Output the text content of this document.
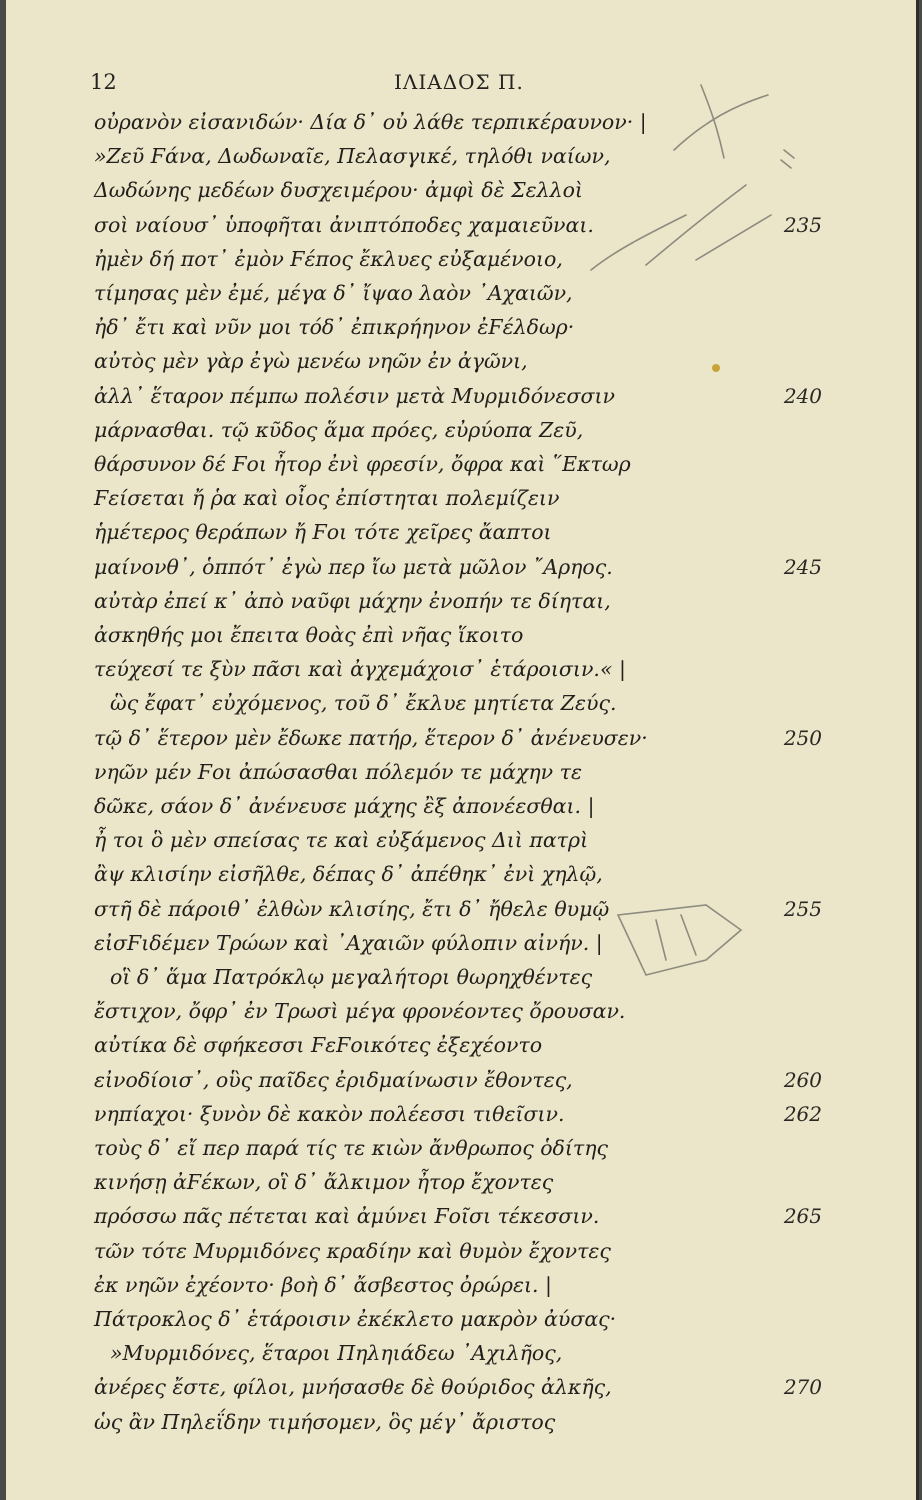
12	ΙΛΙΑΔΟΣ Π.
οὐρανὸν εἰσανιδών· Δία δ᾽ οὐ λάθε τερπικέραυνον· |
»Ζεῦ Ϝάνα, Δωδωναῖε, Πελασγικέ, τηλόθι ναίων,
Δωδώνης μεδέων δυσχειμέρου· ἀμφὶ δὲ Σελλοὶ
σοὶ ναίουσ᾽ ὑποφῆται ἀνιπτόποδες χαμαιεῦναι.	235
ἠμὲν δή ποτ᾽ ἐμὸν Ϝέπος ἔκλυες εὐξαμένοιο,
τίμησας μὲν ἐμέ, μέγα δ᾽ ἴψαο λαὸν ᾽Αχαιῶν,
ἠδ᾽ ἔτι καὶ νῦν μοι τόδ᾽ ἐπικρήηνον ἐϜέλδωρ·
αὐτὸς μὲν γὰρ ἐγὼ μενέω νηῶν ἐν ἀγῶνι,
ἀλλ᾽ ἕταρον πέμπω πολέσιν μετὰ Μυρμιδόνεσσιν	240
μάρνασθαι. τῷ κῦδος ἅμα πρόες, εὐρύοπα Ζεῦ,
θάρσυνον δέ Ϝοι ἦτορ ἐνὶ φρεσίν, ὄφρα καὶ ῞Εκτωρ
Ϝείσεται ἤ ῥα καὶ οἶος ἐπίστηται πολεμίζειν
ἡμέτερος θεράπων ἤ Ϝοι τότε χεῖρες ἄαπτοι
μαίνονθ᾽, ὁππότ᾽ ἐγὼ περ ἴω μετὰ μῶλον ῎Αρηος.	245
αὐτὰρ ἐπεί κ᾽ ἀπὸ ναῦφι μάχην ἐνοπήν τε δίηται,
ἀσκηθής μοι ἔπειτα θοὰς ἐπὶ νῆας ἵκοιτο
τεύχεσί τε ξὺν πᾶσι καὶ ἀγχεμάχοισ᾽ ἑτάροισιν.« |
ὣς ἔφατ᾽ εὐχόμενος, τοῦ δ᾽ ἔκλυε μητίετα Ζεύς.
τῷ δ᾽ ἕτερον μὲν ἔδωκε πατήρ, ἕτερον δ᾽ ἀνένευσεν·	250
νηῶν μέν Ϝοι ἀπώσασθαι πόλεμόν τε μάχην τε
δῶκε, σάον δ᾽ ἀνένευσε μάχης ἒξ ἀπονέεσθαι. |
ἦ τοι ὃ μὲν σπείσας τε καὶ εὐξάμενος Διὶ πατρὶ
ἂψ κλισίην εἰσῆλθε, δέπας δ᾽ ἀπέθηκ᾽ ἐνὶ χηλῷ,
στῆ δὲ πάροιθ᾽ ἐλθὼν κλισίης, ἔτι δ᾽ ἤθελε θυμῷ	255
εἰσϜιδέμεν Τρώων καὶ ᾽Αχαιῶν φύλοπιν αἰνήν. |
οἳ δ᾽ ἅμα Πατρόκλῳ μεγαλήτορι θωρηχθέντες
ἔστιχον, ὄφρ᾽ ἐν Τρωσὶ μέγα φρονέοντες ὄρουσαν.
αὐτίκα δὲ σφήκεσσι ϜεϜοικότες ἐξεχέοντο
εἰνοδίοισ᾽, οὓς παῖδες ἐριδμαίνωσιν ἔθοντες,	260
νηπίαχοι· ξυνὸν δὲ κακὸν πολέεσσι τιθεῖσιν.	262
τοὺς δ᾽ εἴ περ παρά τίς τε κιὼν ἄνθρωπος ὁδίτης
κινήσῃ ἀϜέκων, οἳ δ᾽ ἄλκιμον ἦτορ ἔχοντες
πρόσσω πᾶς πέτεται καὶ ἀμύνει Ϝοῖσι τέκεσσιν.	265
τῶν τότε Μυρμιδόνες κραδίην καὶ θυμὸν ἔχοντες
ἐκ νηῶν ἐχέοντο· βοὴ δ᾽ ἄσβεστος ὀρώρει. |
Πάτροκλος δ᾽ ἑτάροισιν ἐκέκλετο μακρὸν ἀύσας·
»Μυρμιδόνες, ἕταροι Πηληιάδεω ᾽Αχιλῆος,
ἀνέρες ἔστε, φίλοι, μνήσασθε δὲ θούριδος ἀλκῆς,	270
ὡς ἂν Πηλεΐδην τιμήσομεν, ὃς μέγ᾽ ἄριστος
